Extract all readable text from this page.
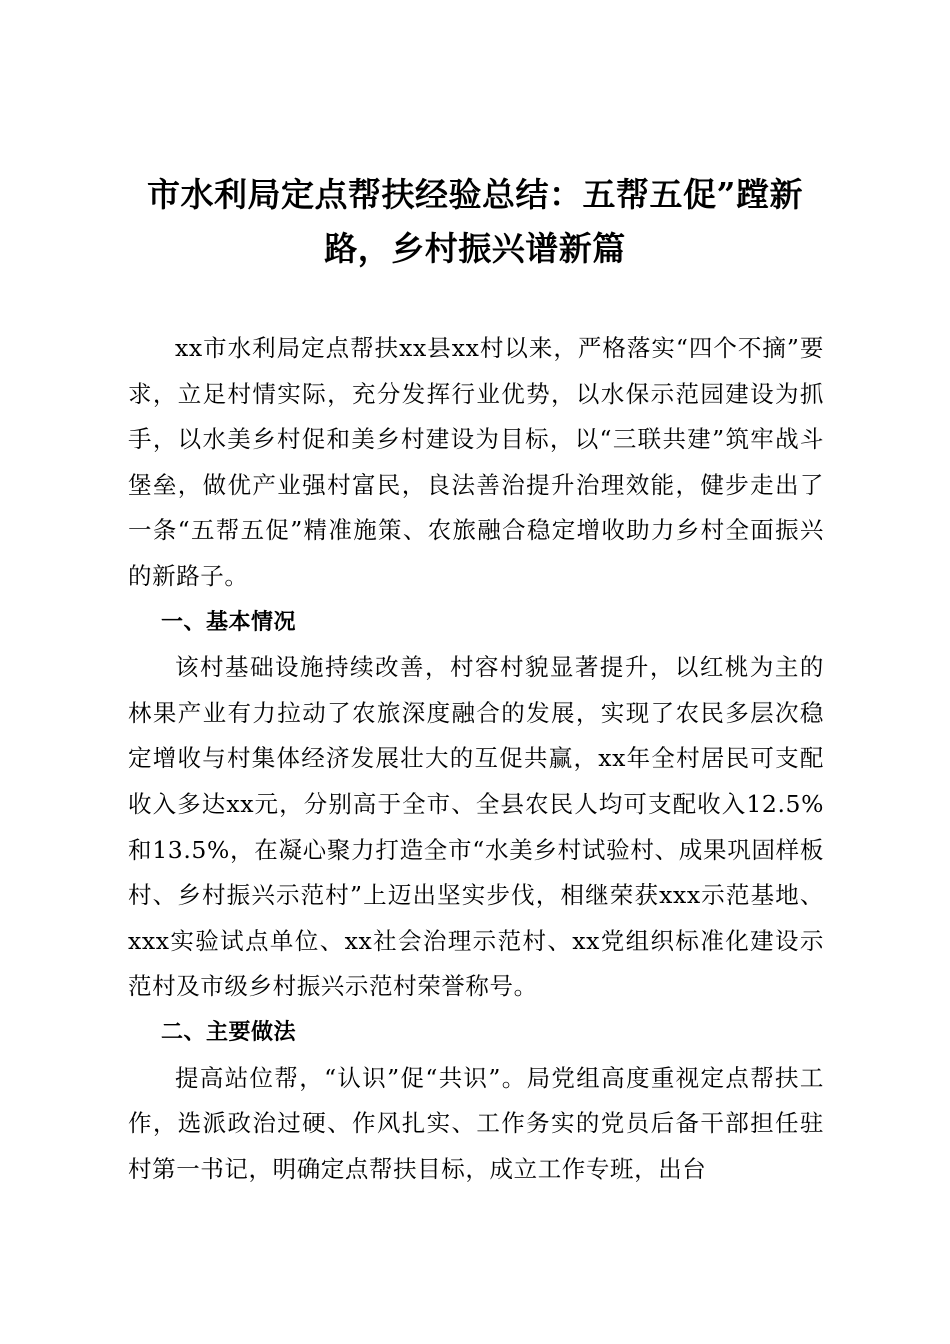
市水利局定点帮扶经验总结：五帮五促”蹚新路，乡村振兴谱新篇

xx市水利局定点帮扶xx县xx村以来，严格落实“四个不摘”要求，立足村情实际，充分发挥行业优势，以水保示范园建设为抓手，以水美乡村促和美乡村建设为目标，以“三联共建”筑牢战斗堡垒，做优产业强村富民，良法善治提升治理效能，健步走出了一条“五帮五促”精准施策、农旅融合稳定增收助力乡村全面振兴的新路子。

一、基本情况

该村基础设施持续改善，村容村貌显著提升，以红桃为主的林果产业有力拉动了农旅深度融合的发展，实现了农民多层次稳定增收与村集体经济发展壮大的互促共赢，xx年全村居民可支配收入多达xx元，分别高于全市、全县农民人均可支配收入12.5%和13.5%，在凝心聚力打造全市“水美乡村试验村、成果巩固样板村、乡村振兴示范村”上迈出坚实步伐，相继荣获xxx示范基地、xxx实验试点单位、xx社会治理示范村、xx党组织标准化建设示范村及市级乡村振兴示范村荣誉称号。

二、主要做法

提高站位帮，“认识”促“共识”。局党组高度重视定点帮扶工作，选派政治过硬、作风扎实、工作务实的党员后备干部担任驻村第一书记，明确定点帮扶目标，成立工作专班，出台
